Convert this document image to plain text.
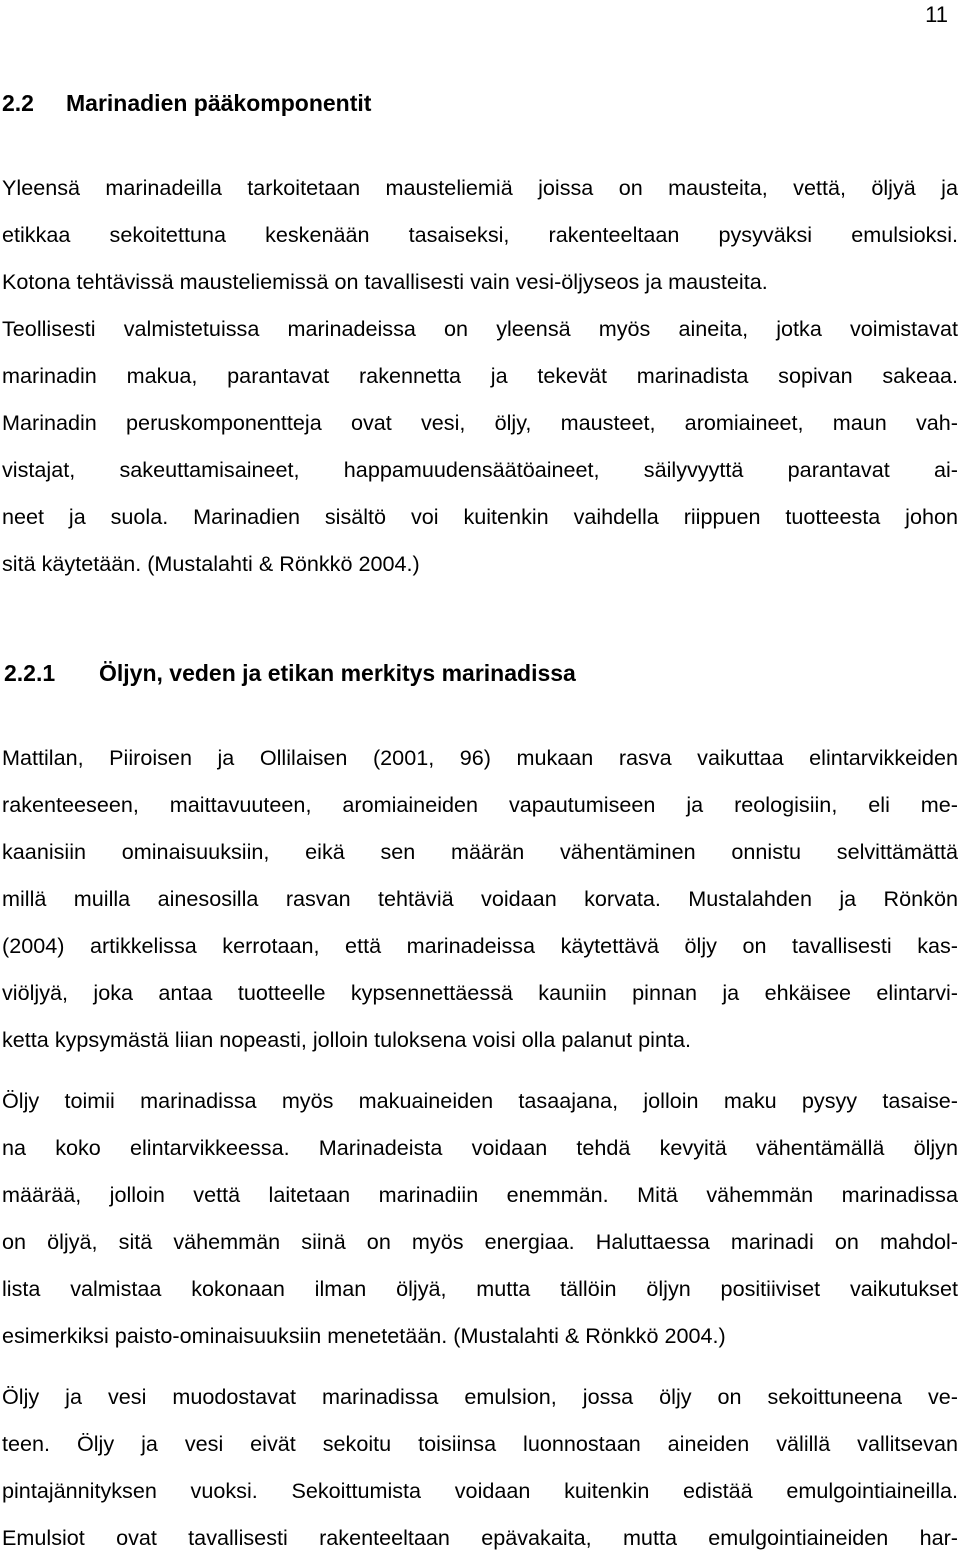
11
2.2 Marinadien pääkomponentit
Yleensä marinadeilla tarkoitetaan mausteliemiä joissa on mausteita, vettä, öljyä ja
etikkaa sekoitettuna keskenään tasaiseksi, rakenteeltaan pysyväksi emulsioksi.
Kotona tehtävissä mausteliemissä on tavallisesti vain vesi-öljyseos ja mausteita.
Teollisesti valmistetuissa marinadeissa on yleensä myös aineita, jotka voimistavat
marinadin makua, parantavat rakennetta ja tekevät marinadista sopivan sakeaa.
Marinadin peruskomponentteja ovat vesi, öljy, mausteet, aromiaineet, maun vah-
vistajat, sakeuttamisaineet, happamuudensäätöaineet, säilyvyyttä parantavat ai-
neet ja suola. Marinadien sisältö voi kuitenkin vaihdella riippuen tuotteesta johon
sitä käytetään. (Mustalahti & Rönkkö 2004.)
2.2.1 Öljyn, veden ja etikan merkitys marinadissa
Mattilan, Piiroisen ja Ollilaisen (2001, 96) mukaan rasva vaikuttaa elintarvikkeiden
rakenteeseen, maittavuuteen, aromiaineiden vapautumiseen ja reologisiin, eli me-
kaanisiin ominaisuuksiin, eikä sen määrän vähentäminen onnistu selvittämättä
millä muilla ainesosilla rasvan tehtäviä voidaan korvata. Mustalahden ja Rönkön
(2004) artikkelissa kerrotaan, että marinadeissa käytettävä öljy on tavallisesti kas-
viöljyä, joka antaa tuotteelle kypsennettäessä kauniin pinnan ja ehkäisee elintarvi-
ketta kypsymästä liian nopeasti, jolloin tuloksena voisi olla palanut pinta.
Öljy toimii marinadissa myös makuaineiden tasaajana, jolloin maku pysyy tasaise-
na koko elintarvikkeessa. Marinadeista voidaan tehdä kevyitä vähentämällä öljyn
määrää, jolloin vettä laitetaan marinadiin enemmän. Mitä vähemmän marinadissa
on öljyä, sitä vähemmän siinä on myös energiaa. Haluttaessa marinadi on mahdol-
lista valmistaa kokonaan ilman öljyä, mutta tällöin öljyn positiiviset vaikutukset
esimerkiksi paisto-ominaisuuksiin menetetään. (Mustalahti & Rönkkö 2004.)
Öljy ja vesi muodostavat marinadissa emulsion, jossa öljy on sekoittuneena ve-
teen. Öljy ja vesi eivät sekoitu toisiinsa luonnostaan aineiden välillä vallitsevan
pintajännityksen vuoksi. Sekoittumista voidaan kuitenkin edistää emulgointiaineilla.
Emulsiot ovat tavallisesti rakenteeltaan epävakaita, mutta emulgointiaineiden har-
